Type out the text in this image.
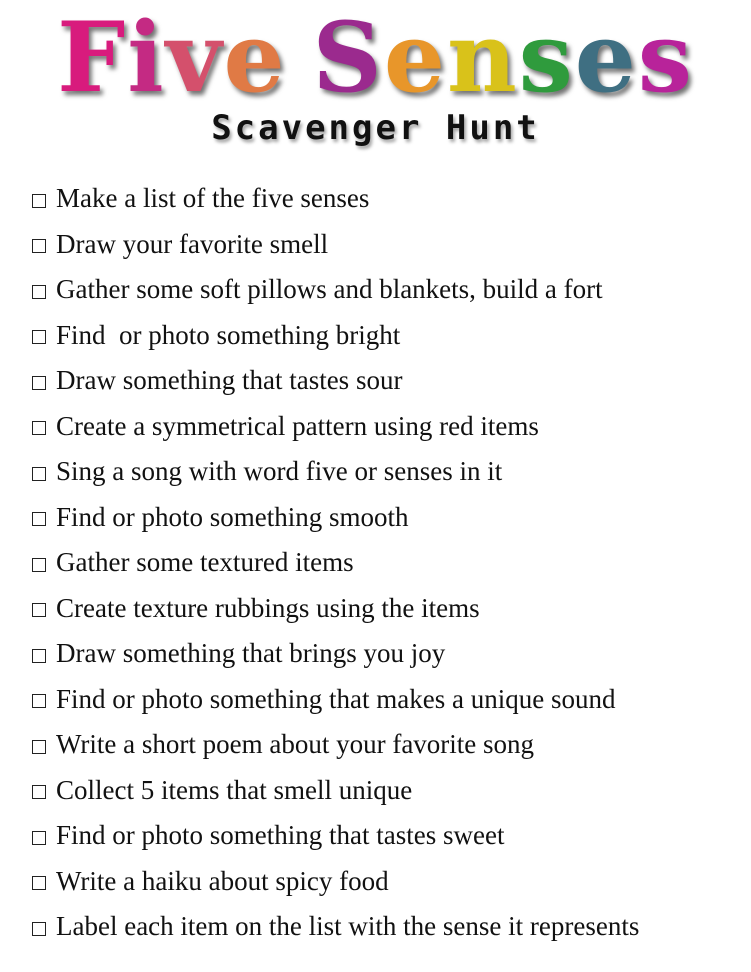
Five Senses
Scavenger Hunt
Make a list of the five senses
Draw your favorite smell
Gather some soft pillows and blankets, build a fort
Find  or photo something bright
Draw something that tastes sour
Create a symmetrical pattern using red items
Sing a song with word five or senses in it
Find or photo something smooth
Gather some textured items
Create texture rubbings using the items
Draw something that brings you joy
Find or photo something that makes a unique sound
Write a short poem about your favorite song
Collect 5 items that smell unique
Find or photo something that tastes sweet
Write a haiku about spicy food
Label each item on the list with the sense it represents
